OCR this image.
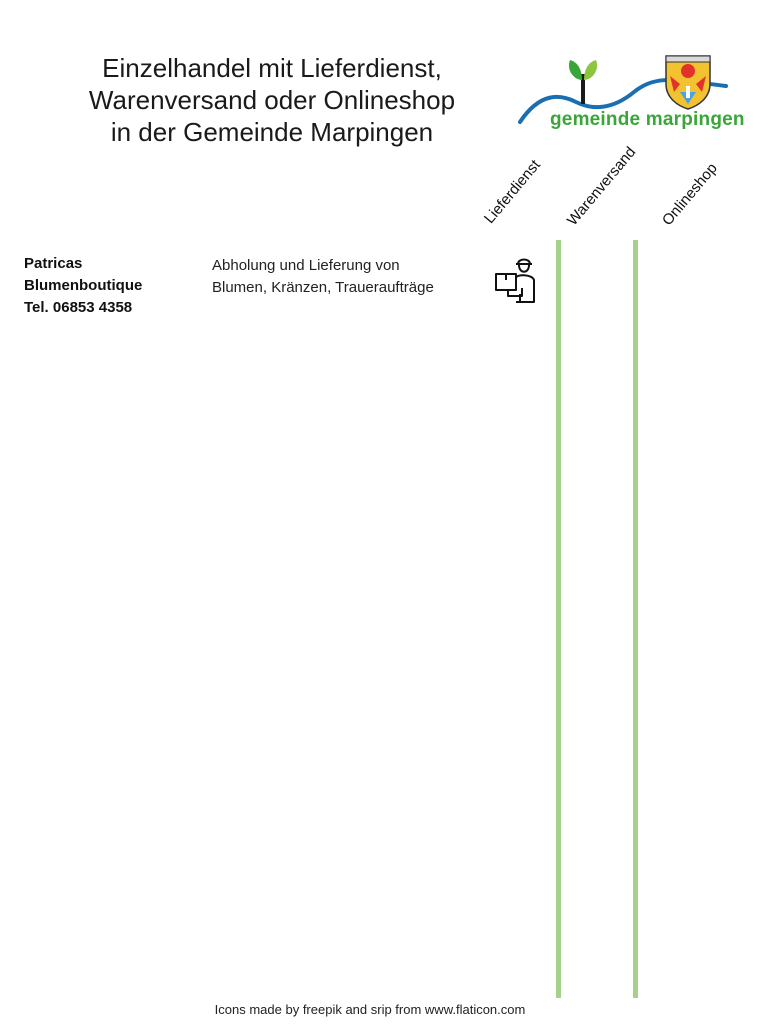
Einzelhandel mit Lieferdienst,
Warenversand oder Onlineshop
in der Gemeinde Marpingen	gemeinde marpingen
Lieferdienst Warenversand Onlineshop
Patricas
Blumenboutique
Tel. 06853 4358
Abholung und Lieferung von
Blumen, Kränzen, Traueraufträge
Icons made by freepik and srip from www.flaticon.com
